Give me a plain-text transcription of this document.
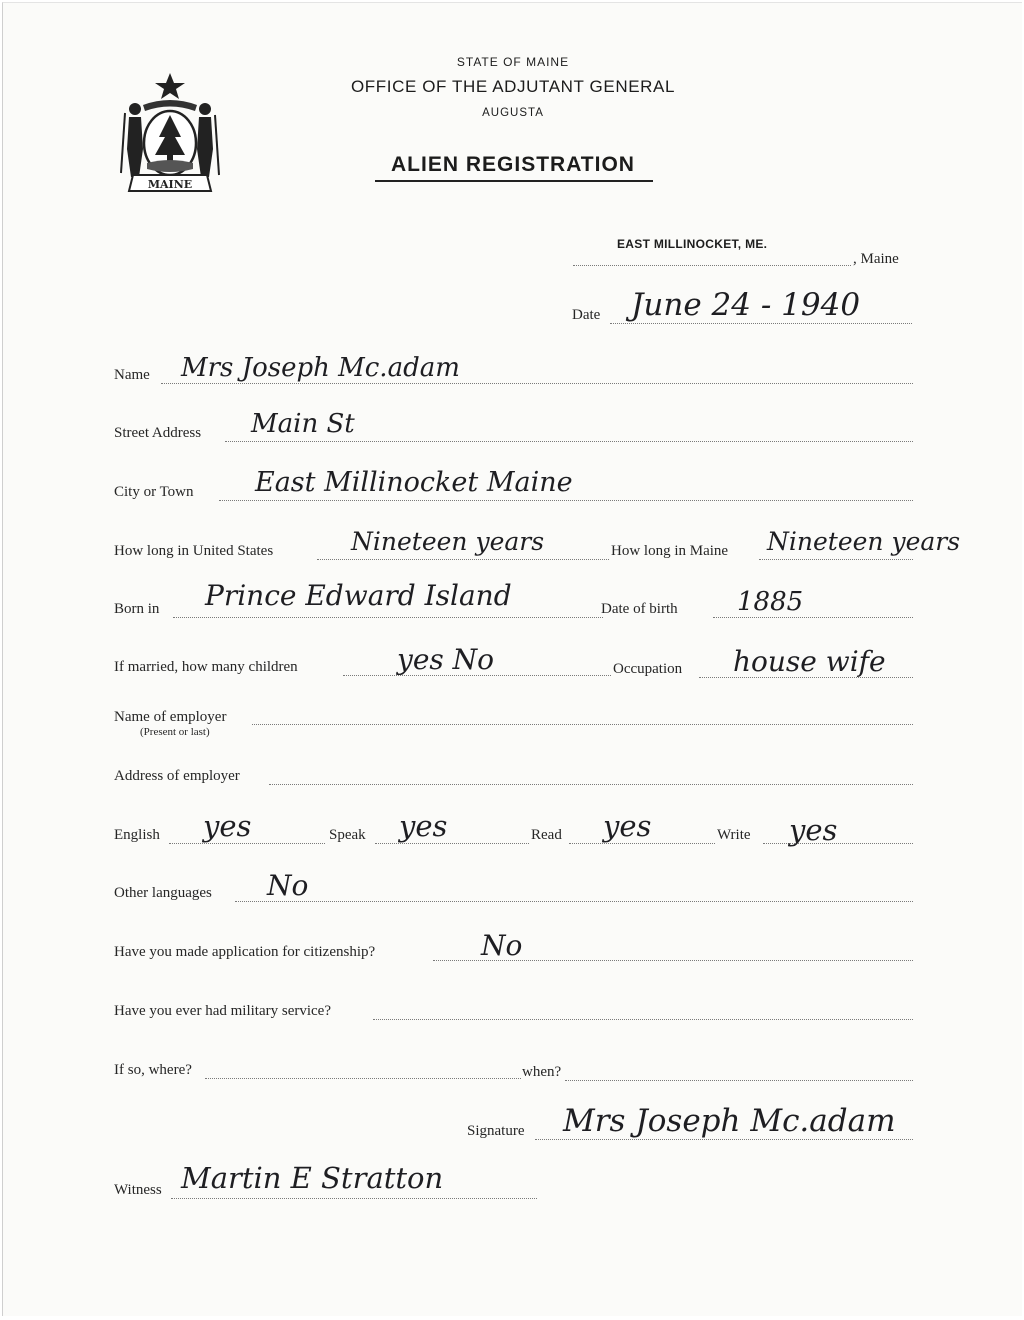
MAINE
STATE OF MAINE
OFFICE OF THE ADJUTANT GENERAL
AUGUSTA
ALIEN REGISTRATION
EAST MILLINOCKET, ME.
, Maine
Date June 24 - 1940
Name Mrs Joseph Mc.adam
Street Address Main St
City or Town East Millinocket Maine
How long in United States	Nineteen years	How long in Maine Nineteen years
Born in Prince Edward Island	Date of birth 1885
If married, how many children	yes No	Occupation house wife
Name of employer
(Present or last)
Address of employer
English yes	Speak yes	Read yes	Write yes
Other languages No
Have you made application for citizenship?	No
Have you ever had military service?
If so, where?	when?
Signature Mrs Joseph Mc.adam
Witness Martin E Stratton
